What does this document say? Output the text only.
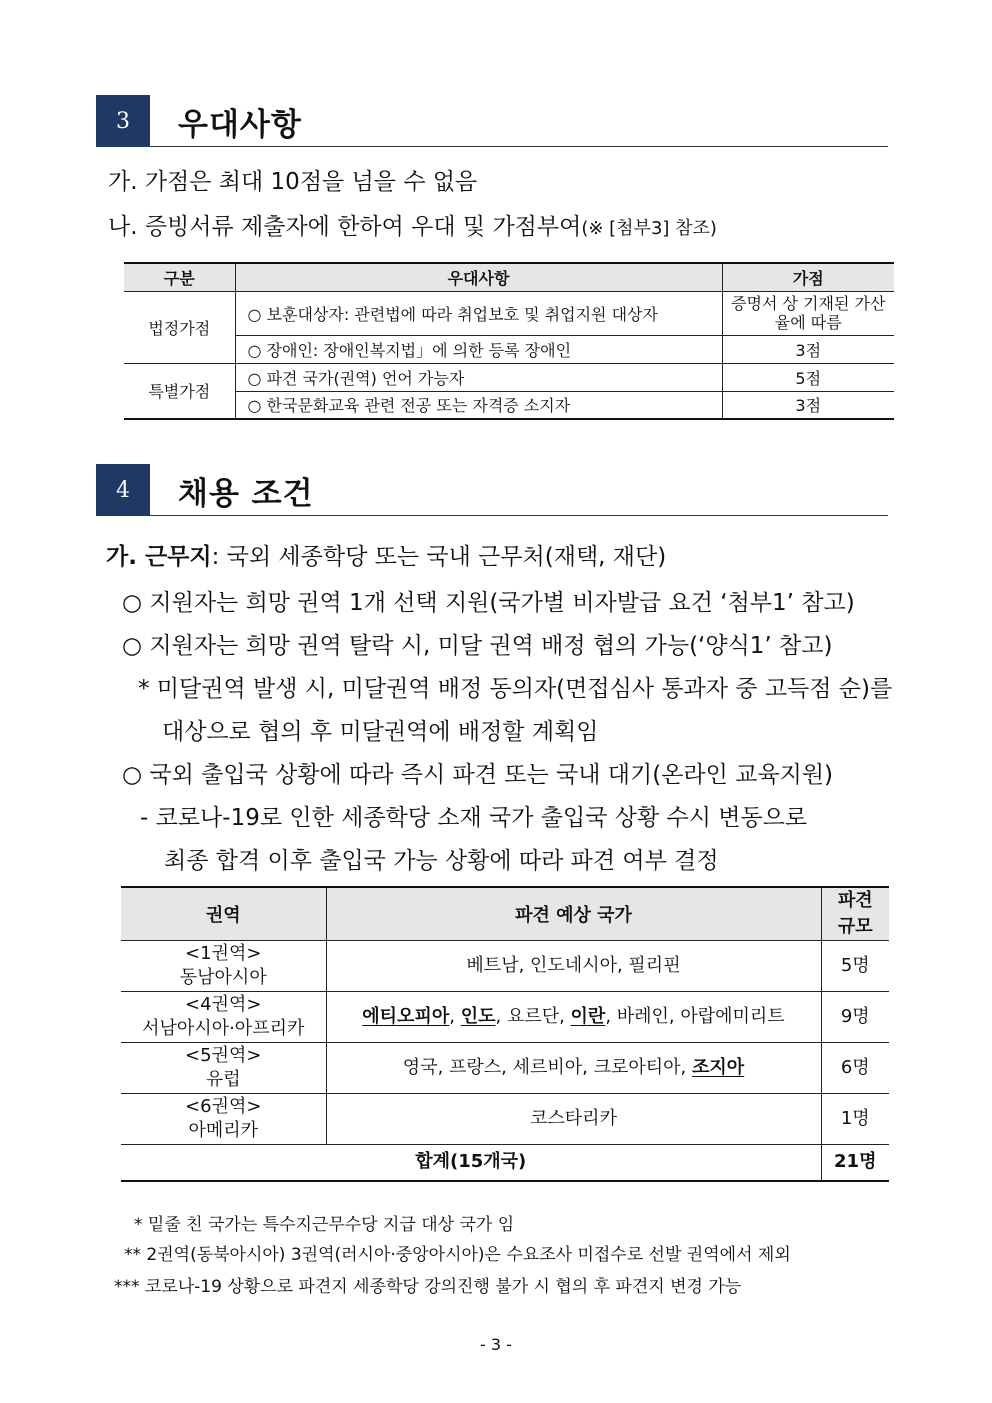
3	우대사항
가. 가점은 최대 10점을 넘을 수 없음
나. 증빙서류 제출자에 한하여 우대 및 가점부여(※ [첨부3] 참조)
구분	우대사항	가점
법정가점	○ 보훈대상자: 관련법에 따라 취업보호 및 취업지원 대상자	증명서 상 기재된 가산율에 따름
	○ 장애인: 장애인복지법」에 의한 등록 장애인	3점
특별가점	○ 파견 국가(권역) 언어 가능자	5점
	○ 한국문화교육 관련 전공 또는 자격증 소지자	3점
4	채용 조건
가. 근무지: 국외 세종학당 또는 국내 근무처(재택, 재단)
○ 지원자는 희망 권역 1개 선택 지원(국가별 비자발급 요건 ‘첨부1’ 참고)
○ 지원자는 희망 권역 탈락 시, 미달 권역 배정 협의 가능(‘양식1’ 참고)
* 미달권역 발생 시, 미달권역 배정 동의자(면접심사 통과자 중 고득점 순)를
대상으로 협의 후 미달권역에 배정할 계획임
○ 국외 출입국 상황에 따라 즉시 파견 또는 국내 대기(온라인 교육지원)
- 코로나-19로 인한 세종학당 소재 국가 출입국 상황 수시 변동으로
최종 합격 이후 출입국 가능 상황에 따라 파견 여부 결정
권역	파견 예상 국가	파견
규모

<1권역>
동남아시아	베트남, 인도네시아, 필리핀	5명

<4권역>
서남아시아·아프리카	에티오피아, 인도, 요르단, 이란, 바레인, 아랍에미리트	9명

<5권역>
유럽	영국, 프랑스, 세르비아, 크로아티아, 조지아	6명

<6권역>
아메리카	코스타리카	1명
합계(15개국)		21명
* 밑줄 친 국가는 특수지근무수당 지급 대상 국가 임
** 2권역(동북아시아) 3권역(러시아·중앙아시아)은 수요조사 미접수로 선발 권역에서 제외
*** 코로나-19 상황으로 파견지 세종학당 강의진행 불가 시 협의 후 파견지 변경 가능
- 3 -
